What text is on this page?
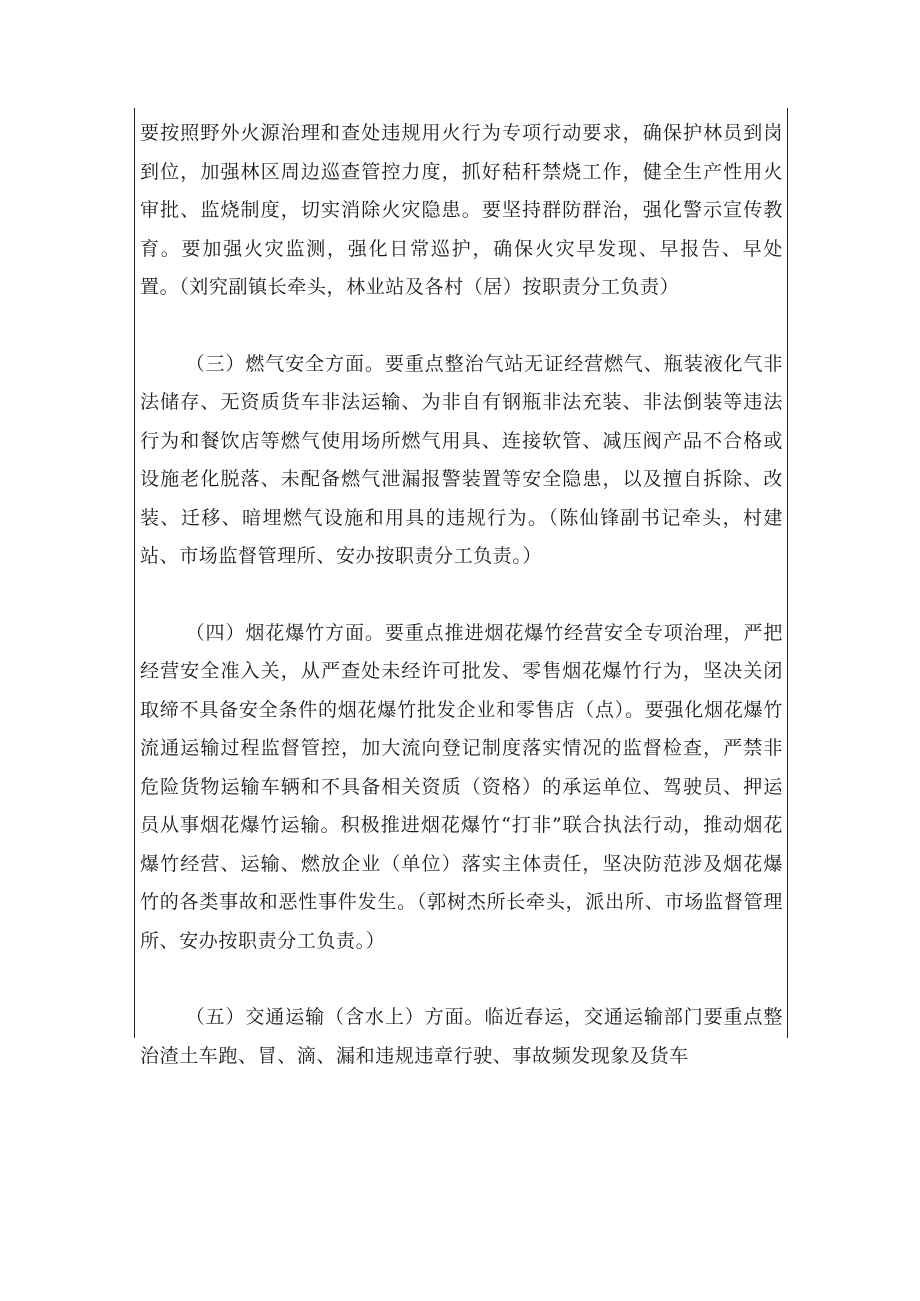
要按照野外火源治理和查处违规用火行为专项行动要求，确保护林员到岗到位，加强林区周边巡查管控力度，抓好秸秆禁烧工作，健全生产性用火审批、监烧制度，切实消除火灾隐患。要坚持群防群治，强化警示宣传教育。要加强火灾监测，强化日常巡护，确保火灾早发现、早报告、早处置。（刘究副镇长牵头，林业站及各村（居）按职责分工负责）

（三）燃气安全方面。要重点整治气站无证经营燃气、瓶装液化气非法储存、无资质货车非法运输、为非自有钢瓶非法充装、非法倒装等违法行为和餐饮店等燃气使用场所燃气用具、连接软管、减压阀产品不合格或设施老化脱落、未配备燃气泄漏报警装置等安全隐患，以及擅自拆除、改装、迁移、暗埋燃气设施和用具的违规行为。（陈仙锋副书记牵头，村建站、市场监督管理所、安办按职责分工负责。）

（四）烟花爆竹方面。要重点推进烟花爆竹经营安全专项治理，严把经营安全准入关，从严查处未经许可批发、零售烟花爆竹行为，坚决关闭取缔不具备安全条件的烟花爆竹批发企业和零售店（点）。要强化烟花爆竹流通运输过程监督管控，加大流向登记制度落实情况的监督检查，严禁非危险货物运输车辆和不具备相关资质（资格）的承运单位、驾驶员、押运员从事烟花爆竹运输。积极推进烟花爆竹“打非”联合执法行动，推动烟花爆竹经营、运输、燃放企业（单位）落实主体责任，坚决防范涉及烟花爆竹的各类事故和恶性事件发生。（郭树杰所长牵头，派出所、市场监督管理所、安办按职责分工负责。）

（五）交通运输（含水上）方面。临近春运，交通运输部门要重点整治渣土车跑、冒、滴、漏和违规违章行驶、事故频发现象及货车
